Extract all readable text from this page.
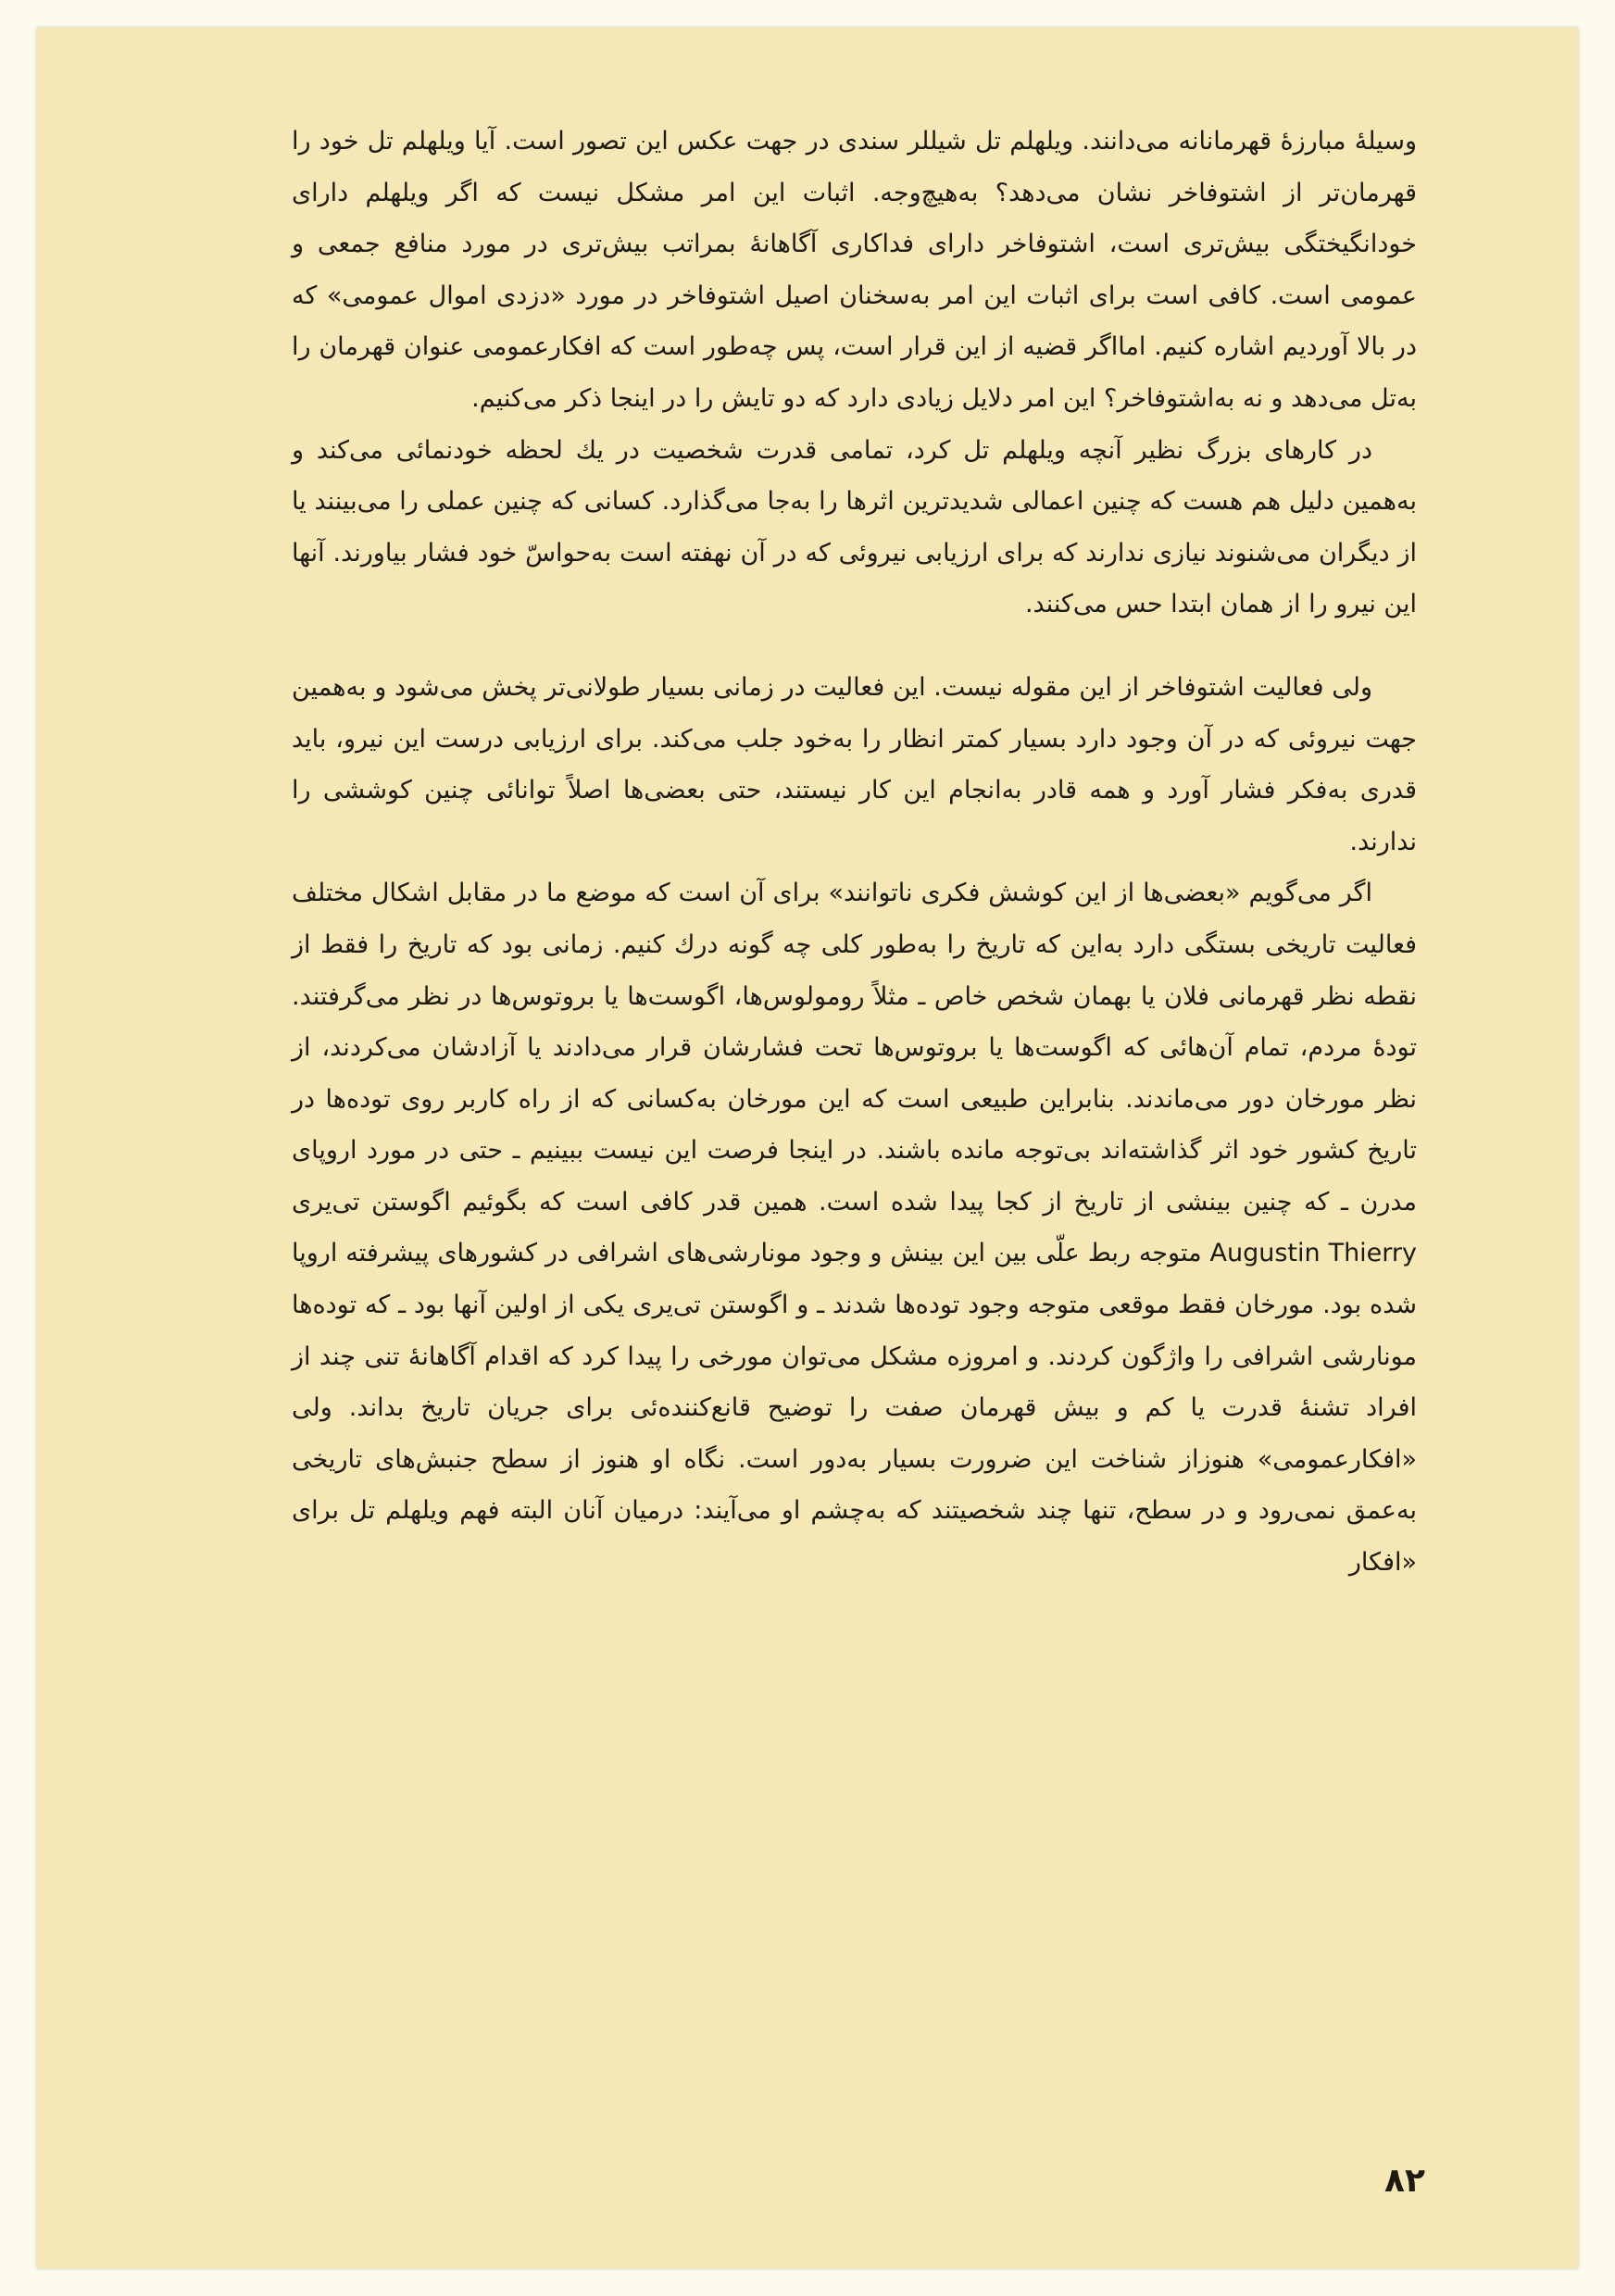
وسیلهٔ مبارزهٔ قهرمانانه می‌دانند. ویلهلم تل شیللر سندی در جهت عکس این تصور است. آیا ویلهلم تل خود را قهرمان‌تر از اشتوفاخر نشان می‌دهد؟ به‌هیچ‌وجه. اثبات این امر مشکل نیست که اگر ویلهلم دارای خودانگیختگی بیش‌تری است، اشتوفاخر دارای فداکاری آگاهانهٔ بمراتب بیش‌تری در مورد منافع جمعی و عمومی است. کافی است برای اثبات این امر به‌سخنان اصیل اشتوفاخر در مورد «دزدی اموال عمومی» که در بالا آوردیم اشاره کنیم. اما‌اگر قضیه از این قرار است، پس چه‌طور است که افکارعمومی عنوان قهرمان را به‌تل می‌دهد و نه به‌اشتوفاخر؟ این امر دلایل زیادی دارد که دو تایش را در اینجا ذکر می‌کنیم.

در کارهای بزرگ نظیر آنچه ویلهلم تل کرد، تمامی قدرت شخصیت در یك لحظه خودنمائی می‌کند و به‌همین دلیل هم هست که چنین اعمالی شدیدترین اثرها را به‌جا می‌گذارد. کسانی که چنین عملی را می‌بینند یا از دیگران می‌شنوند نیازی ندارند که برای ارزیابی نیروئی که در آن نهفته است به‌حواسّ خود فشار بیاورند. آنها این نیرو را از همان ابتدا حس می‌کنند.

ولی فعالیت اشتوفاخر از این مقوله نیست. این فعالیت در زمانی بسیار طولانی‌تر پخش می‌شود و به‌همین جهت نیروئی که در آن وجود دارد بسیار کمتر انظار را به‌خود جلب می‌کند. برای ارزیابی درست این نیرو، باید قدری به‌فکر فشار آورد و همه قادر به‌انجام این کار نیستند، حتی بعضی‌ها اصلاً توانائی چنین کوششی را ندارند.

اگر می‌گویم «بعضی‌ها از این کوشش فکری ناتوانند» برای آن است که موضع ما در مقابل اشکال مختلف فعالیت تاریخی بستگی دارد به‌این که تاریخ را به‌طور کلی چه گونه درك کنیم. زمانی بود که تاریخ را فقط از نقطه نظر قهرمانی فلان یا بهمان شخص خاص ـ مثلاً رومولوس‌ها، اگوست‌ها یا بروتوس‌ها در نظر می‌گرفتند. تودهٔ مردم، تمام آن‌هائی که اگوست‌ها یا بروتوس‌ها تحت فشارشان قرار می‌دادند یا آزادشان می‌کردند، از نظر مورخان دور می‌ماندند. بنابراین طبیعی است که این مورخان به‌کسانی که از راه کاربر روی توده‌ها در تاریخ کشور خود اثر گذاشته‌اند بی‌توجه مانده باشند. در اینجا فرصت این نیست ببینیم ـ حتی در مورد اروپای مدرن ـ که چنین بینشی از تاریخ از کجا پیدا شده است. همین قدر کافی است که بگوئیم اگوستن تی‌یری Augustin Thierry متوجه ربط علّی بین این بینش و وجود مونارشی‌های اشرافی در کشورهای پیشرفته اروپا شده بود. مورخان فقط موقعی متوجه وجود توده‌ها شدند ـ و اگوستن تی‌یری یکی از اولین آنها بود ـ که توده‌ها مونارشی اشرافی را واژگون کردند. و امروزه مشکل می‌توان مورخی را پیدا کرد که اقدام آگاهانهٔ تنی چند از افراد تشنهٔ قدرت یا کم و بیش قهرمان صفت را توضیح قانع‌کننده‌ئی برای جریان تاریخ بداند. ولی «افکارعمومی» هنوزاز شناخت این ضرورت بسیار به‌دور است. نگاه او هنوز از سطح جنبش‌های تاریخی به‌عمق نمی‌رود و در سطح، تنها چند شخصیتند که به‌چشم او می‌آیند: درمیان آنان البته فهم ویلهلم تل برای «افکار

۸۲
